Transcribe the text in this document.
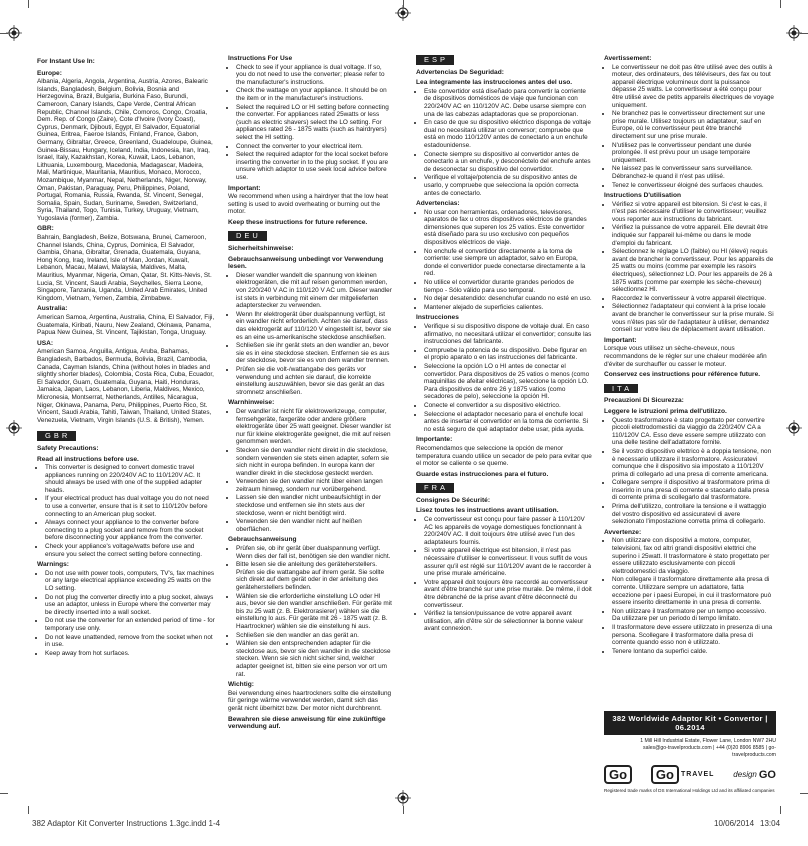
For Instant Use In:
Europe:

Albania, Algeria, Angola, Argentina, Austria, Azores, Balearic Islands, Bangladesh, Belgium, Bolivia, Bosnia and Herzegovina, Brazil, Bulgaria, Burkina Faso, Burundi, Cameroon, Canary Islands, Cape Verde, Central African Republic, Channel Islands, Chile, Comoros, Congo, Croatia, Dem. Rep. of Congo (Zaire), Cote d'Ivoire (Ivory Coast), Cyprus, Denmark, Djibouti, Egypt, El Salvador, Equatorial Guinea, Eritrea, Faeroe Islands, Finland, France, Gabon, Germany, Gibraltar, Greece, Greenland, Guadeloupe, Guinea, Guinea-Bissau, Hungary, Iceland, India, Indonesia, Iran, Iraq, Israel, Italy, Kazakhstan, Korea, Kuwait, Laos, Lebanon, Lithuania, Luxembourg, Macedonia, Madagascar, Madeira, Mali, Martinique, Mauritania, Mauritius, Monaco, Morocco, Mozambique, Myanmar, Nepal, Netherlands, Niger, Norway, Oman, Pakistan, Paraguay, Peru, Philippines, Poland, Portugal, Romania, Russia, Rwanda, St. Vincent, Senegal, Somalia, Spain, Sudan, Suriname, Sweden, Switzerland, Syria, Thailand, Togo, Tunisia, Turkey, Uruguay, Vietnam, Yugoslavia (former), Zambia.

GBR:

Bahrain, Bangladesh, Belize, Botswana, Brunei, Cameroon, Channel Islands, China, Cyprus, Dominica, El Salvador, Gambia, Ghana, Gibraltar, Grenada, Guatemala, Guyana, Hong Kong, Iraq, Ireland, Isle of Man, Jordan, Kuwait, Lebanon, Macau, Malawi, Malaysia, Maldives, Malta, Mauritius, Myanmar, Nigeria, Oman, Qatar, St. Kitts-Nevis, St. Lucia, St. Vincent, Saudi Arabia, Seychelles, Sierra Leone, Singapore, Tanzania, Uganda, United Arab Emirates, United Kingdom, Vietnam, Yemen, Zambia, Zimbabwe.

Australia:

American Samoa, Argentina, Australia, China, El Salvador, Fiji, Guatemala, Kiribati, Nauru, New Zealand, Okinawa, Panama, Papua New Guinea, St. Vincent, Tajikistan, Tonga, Uruguay.

USA:

American Samoa, Anguilla, Antigua, Aruba, Bahamas, Bangladesh, Barbados, Bermuda, Bolivia, Brazil, Cambodia, Canada, Cayman Islands, China (without holes in blades and slightly shorter blades), Colombia, Costa Rica, Cuba, Ecuador, El Salvador, Guam, Guatemala, Guyana, Haiti, Honduras, Jamaica, Japan, Laos, Lebanon, Liberia, Maldives, Mexico, Micronesia, Montserrat, Netherlands, Antilles, Nicaragua, Niger, Okinawa, Panama, Peru, Philippines, Puerto Rico, St. Vincent, Saudi Arabia, Tahiti, Taiwan, Thailand, United States, Venezuela, Vietnam, Virgin Islands (U.S. & British), Yemen.

GBR
Safety Precautions:
Read all instructions before use.
• This converter is designed to convert domestic travel appliances running on 220/240V AC to 110/120V AC. It should always be used with one of the supplied adapter heads.
• If your electrical product has dual voltage you do not need to use a converter, ensure that is it set to 110/120v before connecting to an American plug socket.
• Always connect your appliance to the converter before connecting to a plug socket and remove from the socket before disconnecting your appliance from the converter.
• Check your appliance's voltage/watts before use and ensure you select the correct setting before connecting.
Warnings:
• Do not use with power tools, computers, TV's, fax machines or any large electrical appliance exceeding 25 watts on the LO setting.
• Do not plug the converter directly into a plug socket, always use an adaptor, unless in Europe where the converter may be directly inserted into a wall socket.
• Do not use the converter for an extended period of time - for temporary use only.
• Do not leave unattended, remove from the socket when not in use.
• Keep away from hot surfaces.
Instructions For Use
• Check to see if your appliance is dual voltage. If so, you do not need to use the converter; please refer to the manufacturer's instructions.
• Check the wattage on your appliance. It should be on the item or in the manufacturer's instructions.
• Select the required LO or HI setting before connecting the converter. For appliances rated 25watts or less (such as electric shavers) select the LO setting. For appliances rated 26 - 1875 watts (such as hairdryers) select the HI setting.
• Connect the converter to your electrical item.
• Select the required adaptor for the local socket before inserting the converter in to the plug socket. If you are unsure which adaptor to use seek local advice before use.
Important:

We recommend when using a hairdryer that the low heat setting is used to avoid overheating or burning out the motor.

Keep these instructions for future reference.
DEU
Sicherheitshinweise:
Gebrauchsanweisung unbedingt vor Verwendung lesen.
• Dieser wandler wandelt die spannung von kleinen elektrogeräten, die mit auf reisen genommen werden, von 220/240 V AC in 110/120 V AC um. Dieser wandler ist stets in verbindung mit einem der mitgelieferten adapterstecker zu verwenden.
• Wenn Ihr elektrogerät über dualspannung verfügt, ist ein wandler nicht erforderlich. Achten sie darauf, dass das elektrogerät auf 110/120 V eingestellt ist, bevor sie es an eine us-amerikanische steckdose anschließen.
• Schließen sie ihr gerät stets an den wandler an, bevor sie es in eine steckdose stecken. Entfernen sie es aus der steckdose, bevor sie es von dem wandler trennen.
• Prüfen sie die volt-/wattangabe des geräts vor verwendung und achten sie darauf, die korrekte einstellung auszuwählen, bevor sie das gerät an das stromnetz anschließen.
Warnhinweise:
• Der wandler ist nicht für elektrowerkzeuge, computer, fernsehgeräte, faxgeräte oder andere größere elektrogeräte über 25 watt geeignet. Dieser wandler ist nur für kleine elektrogeräte geeignet, die mit auf reisen genommen werden.
• Stecken sie den wandler nicht direkt in die steckdose, sondern verwenden sie stets einen adapter, sofern sie sich nicht in europa befinden. In europa kann der wandler direkt in die steckdose gesteckt werden.
• Verwenden sie den wandler nicht über einen langen zeitraum hinweg, sondern nur vorübergehend.
• Lassen sie den wandler nicht unbeaufsichtigt in der steckdose und entfernen sie ihn stets aus der steckdose, wenn er nicht benötigt wird.
• Verwenden sie den wandler nicht auf heißen oberflächen.
Gebrauchsanweisung
• Prüfen sie, ob ihr gerät über dualspannung verfügt. Wenn dies der fall ist, benötigen sie den wandler nicht.
• Bitte lesen sie die anleitung des geräteherstellers. Prüfen sie die wattangabe auf ihrem gerät. Sie sollte sich direkt auf dem gerät oder in der anleitung des geräteherstellers befinden.
• Wählen sie die erforderliche einstellung LO oder HI aus, bevor sie den wandler anschließen. Für geräte mit bis zu 25 watt (z. B. Elektrorasierer) wählen sie die einstellung lo aus. Für geräte mit 26 - 1875 watt (z. B. Haartrockner) wählen sie die einstellung hi aus.
• Schließen sie den wandler an das gerät an.
• Wählen sie den entsprechenden adapter für die steckdose aus, bevor sie den wandler in die steckdose stecken. Wenn sie sich nicht sicher sind, welcher adapter geeignet ist, bitten sie eine person vor ort um rat.
Wichtig:

Bei verwendung eines haartrockners sollte die einstellung für geringe wärme verwendet werden, damit sich das gerät nicht überhitzt bzw. Der motor nicht durchbrennt.

Bewahren sie diese anweisung für eine zukünftige verwendung auf.
ESP
Advertencias De Seguridad:
Lea íntegramente las instrucciones antes del uso.
• Este convertidor está diseñado para convertir la corriente de dispositivos domésticos de viaje que funcionan con 220/240V AC en 110/120V AC. Debe usarse siempre con una de las cabezas adaptadoras que se proporcionan.
• En caso de que su dispositivo eléctrico disponga de voltaje dual no necesitará utilizar un conversor; compruebe que está en modo 110/120V antes de conectarlo a un enchufe estadounidense.
• Conecte siempre su dispositivo al convertidor antes de conectarlo a un enchufe, y desconéctelo del enchufe antes de desconectar su dispositivo del convertidor.
• Verifique el voltaje/potencia de su dispositivo antes de usarlo, y compruebe que selecciona la opción correcta antes de conectarlo.
Advertencias:
• No usar con herramientas, ordenadores, televisores, aparatos de fax u otros dispositivos eléctricos de grandes dimensiones que superen los 25 vatios. Este convertidor está diseñado para su uso exclusivo con pequeños dispositivos eléctricos de viaje.
• No enchufe el convertidor directamente a la toma de corriente: use siempre un adaptador, salvo en Europa, donde el convertidor puede conectarse directamente a la red.
• No utilice el convertidor durante grandes periodos de tiempo - Sólo válido para uso temporal.
• No dejar desatendido: desenchufar cuando no esté en uso.
• Mantener alejado de superficies calientes.
Instrucciones
• Verifique si su dispositivo dispone de voltaje dual. En caso afirmativo, no necesitará utilizar el convertidor; consulte las instrucciones del fabricante.
• Compruebe la potencia de su dispositivo. Debe figurar en el propio aparato o en las instrucciones del fabricante.
• Seleccione la opción LO o HI antes de conectar el convertidor. Para dispositivos de 25 vatios o menos (como maquinillas de afeitar eléctricas), seleccione la opción LO. Para dispositivos de entre 26 y 1875 vatios (como secadores de pelo), seleccione la opción HI.
• Conecte el convertidor a su dispositivo eléctrico.
• Seleccione el adaptador necesario para el enchufe local antes de insertar el convertidor en la toma de corriente. Si no está seguro de qué adaptador debe usar, pida ayuda.
Importante:

Recomendamos que seleccione la opción de menor temperatura cuando utilice un secador de pelo para evitar que el motor se caliente o se queme.

Guarde estas instrucciones para el futuro.
FRA
Consignes De Sécurité:
Lisez toutes les instructions avant utilisation.
• Ce convertisseur est conçu pour faire passer à 110/120V AC les appareils de voyage domestiques fonctionnant à 220/240V AC. Il doit toujours être utilisé avec l'un des adaptateurs fournis.
• Si votre appareil électrique est bitension, il n'est pas nécessaire d'utiliser le convertisseur. Il vous suffit de vous assurer qu'il est réglé sur 110/120V avant de le raccorder à une prise murale américaine.
• Votre appareil doit toujours être raccordé au convertisseur avant d'être branché sur une prise murale. De même, il doit être débranché de la prise avant d'être déconnecté du convertisseur.
• Vérifiez la tension/puissance de votre appareil avant utilisation, afin d'être sûr de sélectionner la bonne valeur avant connexion.
Avertissement:
• Le convertisseur ne doit pas être utilisé avec des outils à moteur, des ordinateurs, des téléviseurs, des fax ou tout appareil électrique volumineux dont la puissance dépasse 25 watts. Le convertisseur a été conçu pour être utilisé avec de petits appareils électriques de voyage uniquement.
• Ne branchez pas le convertisseur directement sur une prise murale. Utilisez toujours un adaptateur, sauf en Europe, où le convertisseur peut être branché directement sur une prise murale.
• N'utilisez pas le convertisseur pendant une durée prolongée. Il est prévu pour un usage temporaire uniquement.
• Ne laissez pas le convertisseur sans surveillance. Débranchez-le quand il n'est pas utilisé.
• Tenez le convertisseur éloigné des surfaces chaudes.
Instructions D'utilisation
• Vérifiez si votre appareil est bitension. Si c'est le cas, il n'est pas nécessaire d'utiliser le convertisseur; veuillez vous reporter aux instructions du fabricant.
• Vérifiez la puissance de votre appareil. Elle devrait être indiquée sur l'appareil lui-même ou dans le mode d'emploi du fabricant.
• Sélectionnez le réglage LO (faible) ou HI (élevé) requis avant de brancher le convertisseur. Pour les appareils de 25 watts ou moins (comme par exemple les rasoirs électriques), sélectionnez LO. Pour les appareils de 26 à 1875 watts (comme par exemple les sèche-cheveux) sélectionnez HI.
• Raccordez le convertisseur à votre appareil électrique.
• Sélectionnez l'adaptateur qui convient à la prise locale avant de brancher le convertisseur sur la prise murale. Si vous n'êtes pas sûr de l'adaptateur à utiliser, demandez conseil sur votre lieu de déplacement avant utilisation.
Important:

Lorsque vous utilisez un sèche-cheveux, nous recommandons de le régler sur une chaleur modérée afin d'éviter de surchauffer ou casser le moteur.

Conservez ces instructions pour référence future.
ITA
Precauzioni Di Sicurezza:
Leggere le istruzioni prima dell'utilizzo.
• Questo trasformatore è stato progettato per convertire piccoli elettrodomestici da viaggio da 220/240V CA a 110/120V CA. Esso deve essere sempre utilizzato con una delle testine dell'adattatore fornite.
• Se il vostro dispositivo elettrico è a doppia tensione, non è necessario utilizzare il trasformatore. Assicuratevi comunque che il dispositivo sia impostato a 110/120V prima di collegarlo ad una presa di corrente americana.
• Collegare sempre il dispositivo al trasformatore prima di inserirlo in una presa di corrente e staccarlo dalla presa di corrente prima di scollegarlo dal trasformatore.
• Prima dell'utilizzo, controllare la tensione e il wattaggio del vostro dispositivo ed assicuratevi di avere selezionato l'impostazione corretta prima di collegarlo.
Avvertenze:
• Non utilizzare con dispositivi a motore, computer, televisioni, fax od altri grandi dispositivi elettrici che superino i 25watt. Il trasformatore è stato progettato per essere utilizzato esclusivamente con piccoli elettrodomestici da viaggio.
• Non collegare il trasformatore direttamente alla presa di corrente. Utilizzare sempre un adattatore, fatta eccezione per i paesi Europei, in cui il trasformatore può essere inserito direttamente in una presa di corrente.
• Non utilizzare il trasformatore per un tempo eccessivo. Da utilizzare per un periodo di tempo limitato.
• Il trasformatore deve essere utilizzato in presenza di una persona. Scollegare il trasformatore dalla presa di corrente quando esso non è utilizzato.
• Tenere lontano da superfici calde.
382 Worldwide Adaptor Kit • Convertor | 06.2014
1 Mill Hill Industrial Estate, Flower Lane, London NW7 2HU
sales@go-travelproducts.com | +44 (0)20 8906 8585 | go-travelproducts.com
Go	Go	TRAVEL design GO
Registered trade marks of DS International Holdings Ltd and its affiliated companies
382 Adaptor Kit Converter Instructions 1.3gc.indd 1-4	10/06/2014 13:04
